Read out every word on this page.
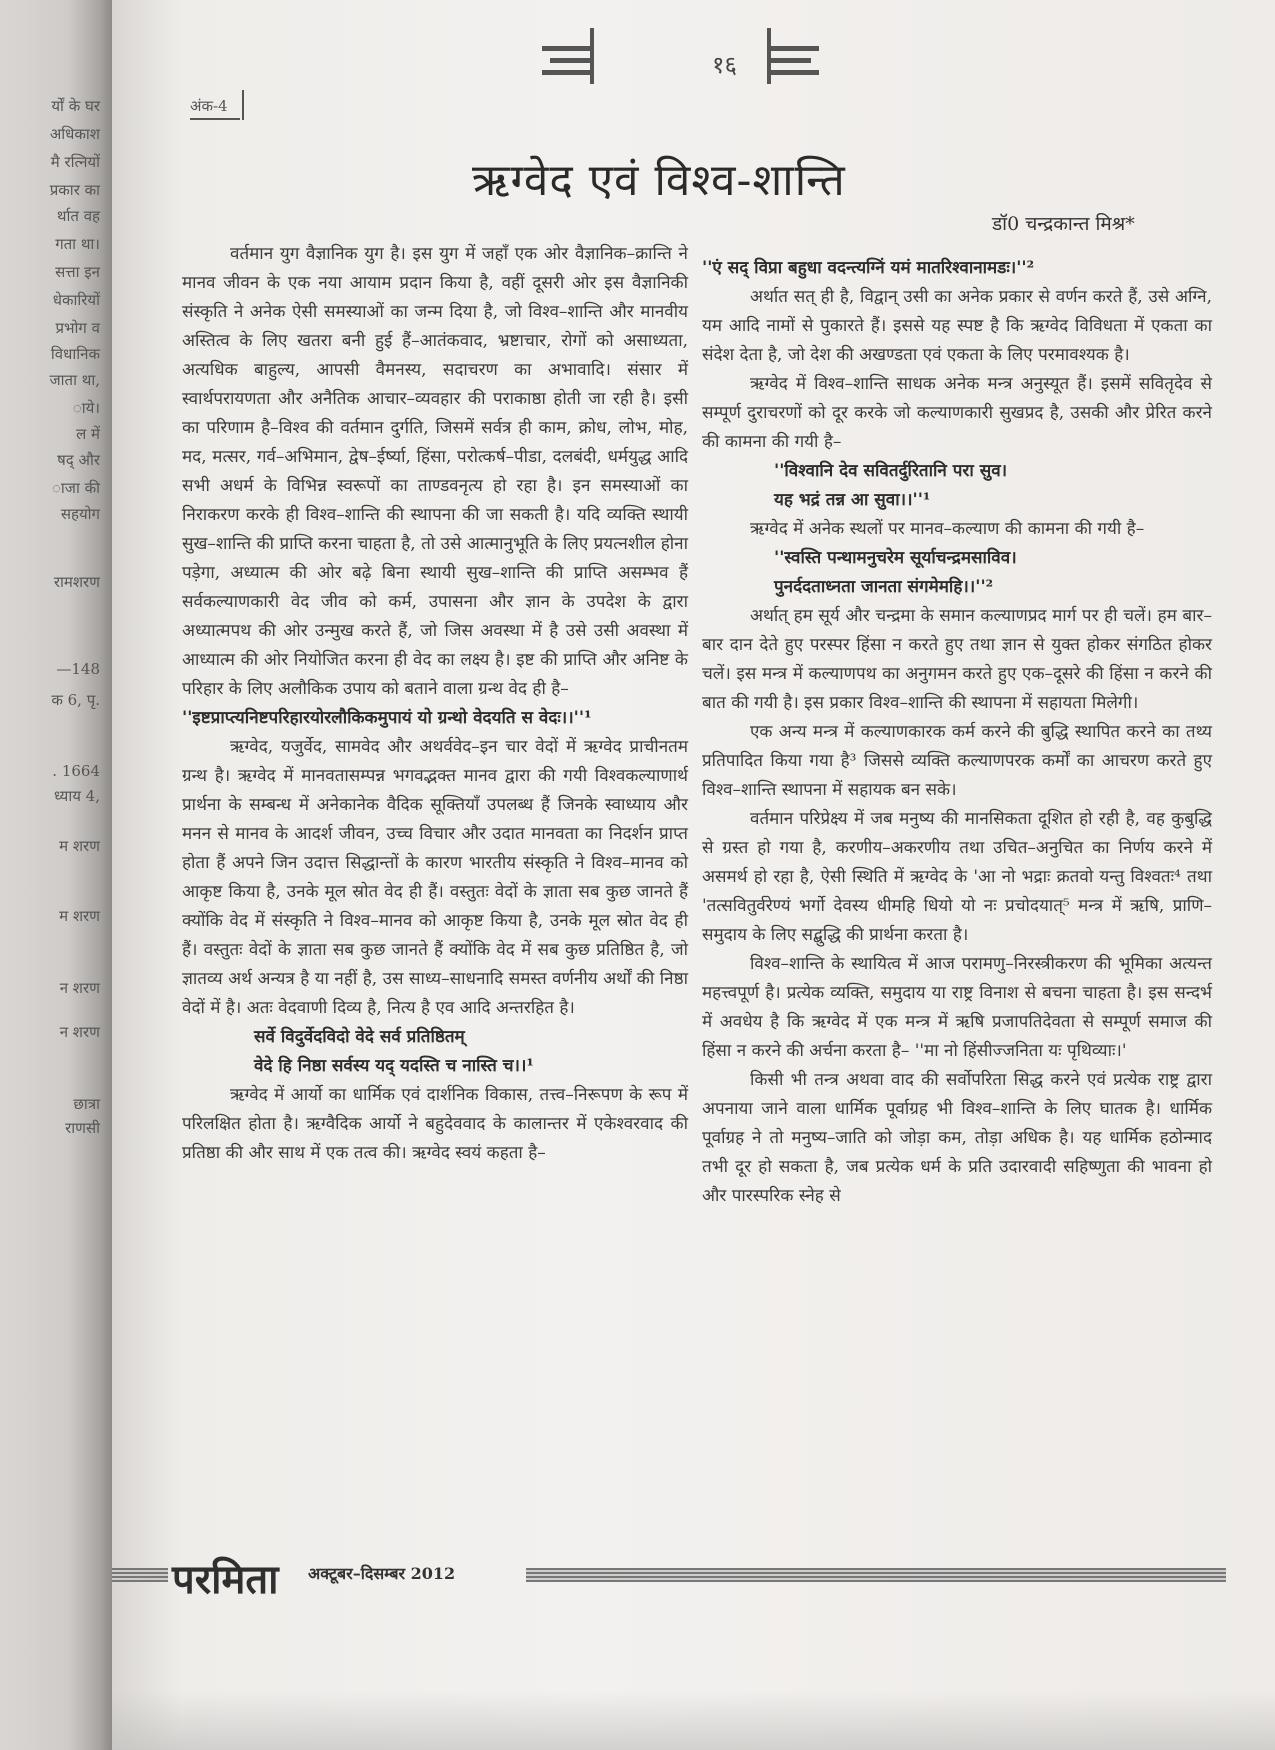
र्यों के घर
अधिकाश
मै रत्नियों
प्रकार का
र्थात वह
गता था।
सत्ता इन
धेकारियों
प्रभोग व
विधानिक
जाता था,
ाये।
ल में
षद् और
ाजा की
सहयोग
रामशरण
—148
क 6, पृ.
. 1664
ध्याय 4,
म शरण
म शरण
न शरण
न शरण
छात्रा
राणसी
१६
अंक-4
ऋग्वेद एवं विश्व-शान्ति
डॉ0 चन्द्रकान्त मिश्र*

वर्तमान युग वैज्ञानिक युग है। इस युग में जहाँ एक ओर वैज्ञानिक–क्रान्ति ने मानव जीवन के एक नया आयाम प्रदान किया है, वहीं दूसरी ओर इस वैज्ञानिकी संस्कृति ने अनेक ऐसी समस्याओं का जन्म दिया है, जो विश्व–शान्ति और मानवीय अस्तित्व के लिए खतरा बनी हुई हैं–आतंकवाद, भ्रष्टाचार, रोगों को असाध्यता, अत्यधिक बाहुल्य, आपसी वैमनस्य, सदाचरण का अभावादि। संसार में स्वार्थपरायणता और अनैतिक आचार–व्यवहार की पराकाष्ठा होती जा रही है। इसी का परिणाम है–विश्व की वर्तमान दुर्गति, जिसमें सर्वत्र ही काम, क्रोध, लोभ, मोह, मद, मत्सर, गर्व–अभिमान, द्वेष–ईर्ष्या, हिंसा, परोत्कर्ष–पीडा, दलबंदी, धर्मयुद्ध आदि सभी अधर्म के विभिन्न स्वरूपों का ताण्डवनृत्य हो रहा है। इन समस्याओं का निराकरण करके ही विश्व–शान्ति की स्थापना की जा सकती है। यदि व्यक्ति स्थायी सुख–शान्ति की प्राप्ति करना चाहता है, तो उसे आत्मानुभूति के लिए प्रयत्नशील होना पड़ेगा, अध्यात्म की ओर बढ़े बिना स्थायी सुख–शान्ति की प्राप्ति असम्भव हैं सर्वकल्याणकारी वेद जीव को कर्म, उपासना और ज्ञान के उपदेश के द्वारा अध्यात्मपथ की ओर उन्मुख करते हैं, जो जिस अवस्था में है उसे उसी अवस्था में आध्यात्म की ओर नियोजित करना ही वेद का लक्ष्य है। इष्ट की प्राप्ति और अनिष्ट के परिहार के लिए अलौकिक उपाय को बताने वाला ग्रन्थ वेद ही है–

''इष्टप्राप्त्यनिष्टपरिहारयोरलौकिकमुपायं यो ग्रन्थो वेदयति स वेदः।।''¹

ऋग्वेद, यजुर्वेद, सामवेद और अथर्ववेद–इन चार वेदों में ऋग्वेद प्राचीनतम ग्रन्थ है। ऋग्वेद में मानवतासम्पन्न भगवद्भक्त मानव द्वारा की गयी विश्वकल्याणार्थ प्रार्थना के सम्बन्ध में अनेकानेक वैदिक सूक्तियाँ उपलब्ध हैं जिनके स्वाध्याय और मनन से मानव के आदर्श जीवन, उच्च विचार और उदात मानवता का निदर्शन प्राप्त होता हैं अपने जिन उदात्त सिद्धान्तों के कारण भारतीय संस्कृति ने विश्व–मानव को आकृष्ट किया है, उनके मूल स्रोत वेद ही हैं। वस्तुतः वेदों के ज्ञाता सब कुछ जानते हैं क्योंकि वेद में संस्कृति ने विश्व–मानव को आकृष्ट किया है, उनके मूल स्रोत वेद ही हैं। वस्तुतः वेदों के ज्ञाता सब कुछ जानते हैं क्योंकि वेद में सब कुछ प्रतिष्ठित है, जो ज्ञातव्य अर्थ अन्यत्र है या नहीं है, उस साध्य–साधनादि समस्त वर्णनीय अर्थों की निष्ठा वेदों में है। अतः वेदवाणी दिव्य है, नित्य है एव आदि अन्तरहित है।

सर्वे विदुर्वेदविदो वेदे सर्व प्रतिष्ठितम्

वेदे हि निष्ठा सर्वस्य यद् यदस्ति च नास्ति च।।¹

ऋग्वेद में आर्यो का धार्मिक एवं दार्शनिक विकास, तत्त्व–निरूपण के रूप में परिलक्षित होता है। ऋग्वैदिक आर्यो ने बहुदेववाद के कालान्तर में एकेश्वरवाद की प्रतिष्ठा की और साथ में एक तत्व की। ऋग्वेद स्वयं कहता है–

''एं सद् विप्रा बहुधा वदन्त्यग्निं यमं मातरिश्वानामडः।''²

अर्थात सत् ही है, विद्वान् उसी का अनेक प्रकार से वर्णन करते हैं, उसे अग्नि, यम आदि नामों से पुकारते हैं। इससे यह स्पष्ट है कि ऋग्वेद विविधता में एकता का संदेश देता है, जो देश की अखण्डता एवं एकता के लिए परमावश्यक है।

ऋग्वेद में विश्व–शान्ति साधक अनेक मन्त्र अनुस्यूत हैं। इसमें सवितृदेव से सम्पूर्ण दुराचरणों को दूर करके जो कल्याणकारी सुखप्रद है, उसकी और प्रेरित करने की कामना की गयी है–

''विश्वानि देव सवितर्दुरितानि परा सुव।

यह भद्रं तन्न आ सुवा।।''¹

ऋग्वेद में अनेक स्थलों पर मानव–कल्याण की कामना की गयी है–

''स्वस्ति पन्थामनुचरेम सूर्याचन्द्रमसाविव।

पुनर्ददताध्नता जानता संगमेमहि।।''²

अर्थात् हम सूर्य और चन्द्रमा के समान कल्याणप्रद मार्ग पर ही चलें। हम बार–बार दान देते हुए परस्पर हिंसा न करते हुए तथा ज्ञान से युक्त होकर संगठित होकर चलें। इस मन्त्र में कल्याणपथ का अनुगमन करते हुए एक–दूसरे की हिंसा न करने की बात की गयी है। इस प्रकार विश्व–शान्ति की स्थापना में सहायता मिलेगी।

एक अन्य मन्त्र में कल्याणकारक कर्म करने की बुद्धि स्थापित करने का तथ्य प्रतिपादित किया गया है³ जिससे व्यक्ति कल्याणपरक कर्मों का आचरण करते हुए विश्व–शान्ति स्थापना में सहायक बन सके।

वर्तमान परिप्रेक्ष्य में जब मनुष्य की मानसिकता दूशित हो रही है, वह कुबुद्धि से ग्रस्त हो गया है, करणीय–अकरणीय तथा उचित–अनुचित का निर्णय करने में असमर्थ हो रहा है, ऐसी स्थिति में ऋग्वेद के 'आ नो भद्राः क्रतवो यन्तु विश्वतः⁴ तथा 'तत्सवितुर्वरेण्यं भर्गो देवस्य धीमहि धियो यो नः प्रचोदयात्⁵ मन्त्र में ऋषि, प्राणि–समुदाय के लिए सद्बुद्धि की प्रार्थना करता है।

विश्व–शान्ति के स्थायित्व में आज परामणु–निरस्त्रीकरण की भूमिका अत्यन्त महत्त्वपूर्ण है। प्रत्येक व्यक्ति, समुदाय या राष्ट्र विनाश से बचना चाहता है। इस सन्दर्भ में अवधेय है कि ऋग्वेद में एक मन्त्र में ऋषि प्रजापतिदेवता से सम्पूर्ण समाज की हिंसा न करने की अर्चना करता है– ''मा नो हिंसीज्जनिता यः पृथिव्याः।'

किसी भी तन्त्र अथवा वाद की सर्वोपरिता सिद्ध करने एवं प्रत्येक राष्ट्र द्वारा अपनाया जाने वाला धार्मिक पूर्वाग्रह भी विश्व–शान्ति के लिए घातक है। धार्मिक पूर्वाग्रह ने तो मनुष्य–जाति को जोड़ा कम, तोड़ा अधिक है। यह धार्मिक हठोन्माद तभी दूर हो सकता है, जब प्रत्येक धर्म के प्रति उदारवादी सहिष्णुता की भावना हो और पारस्परिक स्नेह से

परमिता अक्टूबर–दिसम्बर 2012
